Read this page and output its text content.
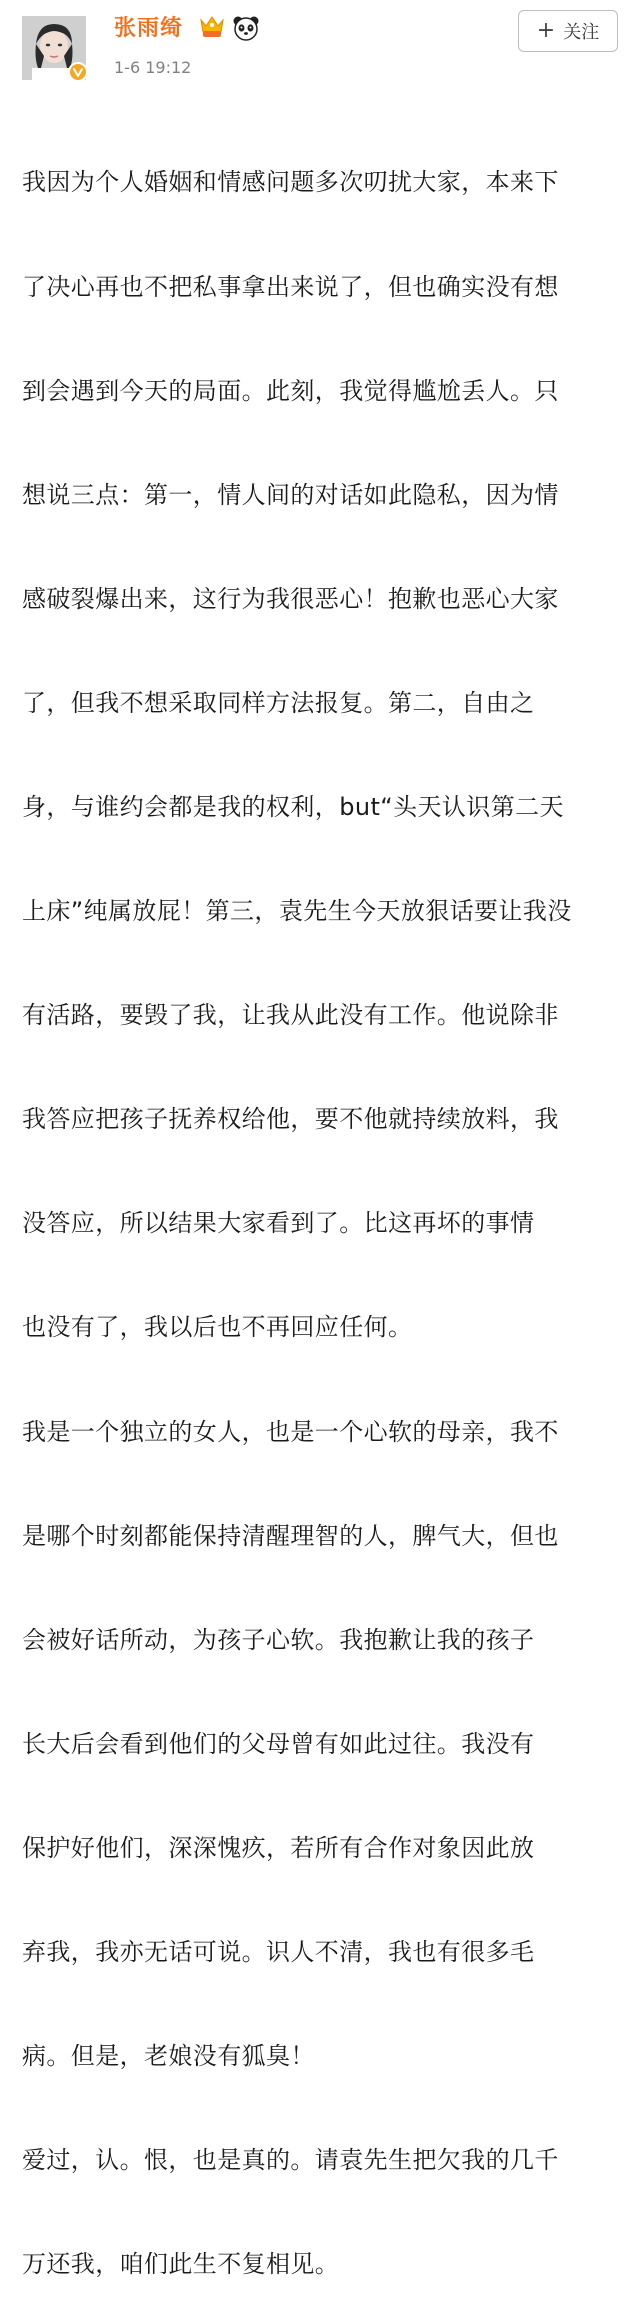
张雨绮
1-6 19:12
+ 关注

我因为个人婚姻和情感问题多次叨扰大家，本来下

了决心再也不把私事拿出来说了，但也确实没有想

到会遇到今天的局面。此刻，我觉得尴尬丢人。只

想说三点：第一，情人间的对话如此隐私，因为情

感破裂爆出来，这行为我很恶心！抱歉也恶心大家

了，但我不想采取同样方法报复。第二，自由之

身，与谁约会都是我的权利，but“头天认识第二天

上床”纯属放屁！第三，袁先生今天放狠话要让我没

有活路，要毁了我，让我从此没有工作。他说除非

我答应把孩子抚养权给他，要不他就持续放料，我

没答应，所以结果大家看到了。比这再坏的事情

也没有了，我以后也不再回应任何。

我是一个独立的女人，也是一个心软的母亲，我不

是哪个时刻都能保持清醒理智的人，脾气大，但也

会被好话所动，为孩子心软。我抱歉让我的孩子

长大后会看到他们的父母曾有如此过往。我没有

保护好他们，深深愧疚，若所有合作对象因此放

弃我，我亦无话可说。识人不清，我也有很多毛

病。但是，老娘没有狐臭！

爱过，认。恨，也是真的。请袁先生把欠我的几千

万还我，咱们此生不复相见。
